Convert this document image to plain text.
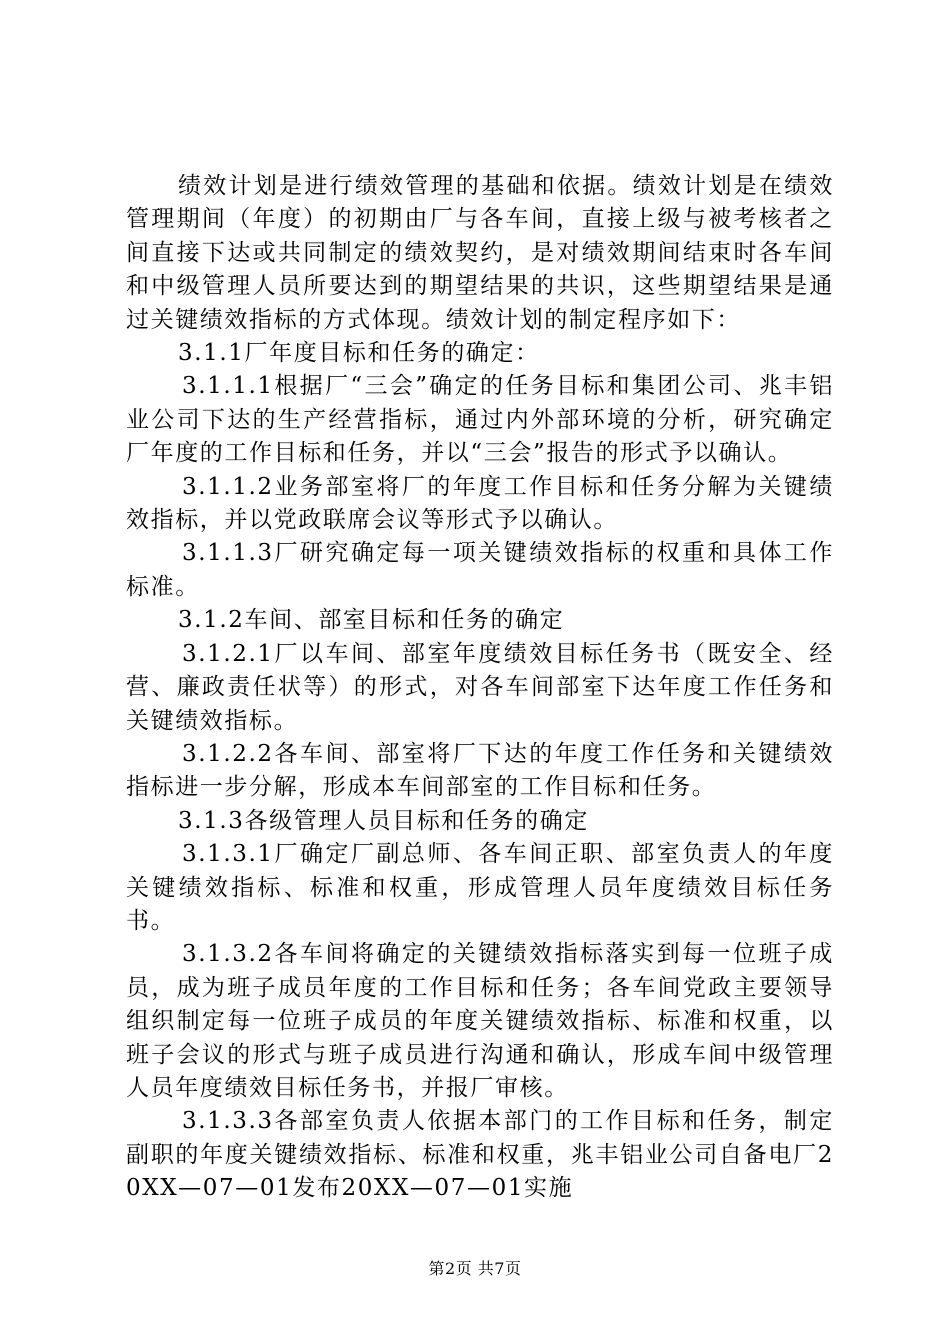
绩效计划是进行绩效管理的基础和依据。绩效计划是在绩效管理期间（年度）的初期由厂与各车间，直接上级与被考核者之间直接下达或共同制定的绩效契约，是对绩效期间结束时各车间和中级管理人员所要达到的期望结果的共识，这些期望结果是通过关键绩效指标的方式体现。绩效计划的制定程序如下：

3.1.1厂年度目标和任务的确定：

3.1.1.1根据厂“三会”确定的任务目标和集团公司、兆丰铝业公司下达的生产经营指标，通过内外部环境的分析，研究确定厂年度的工作目标和任务，并以“三会”报告的形式予以确认。

3.1.1.2业务部室将厂的年度工作目标和任务分解为关键绩效指标，并以党政联席会议等形式予以确认。

3.1.1.3厂研究确定每一项关键绩效指标的权重和具体工作标准。

3.1.2车间、部室目标和任务的确定

3.1.2.1厂以车间、部室年度绩效目标任务书（既安全、经营、廉政责任状等）的形式，对各车间部室下达年度工作任务和关键绩效指标。

3.1.2.2各车间、部室将厂下达的年度工作任务和关键绩效指标进一步分解，形成本车间部室的工作目标和任务。

3.1.3各级管理人员目标和任务的确定

3.1.3.1厂确定厂副总师、各车间正职、部室负责人的年度关键绩效指标、标准和权重，形成管理人员年度绩效目标任务书。

3.1.3.2各车间将确定的关键绩效指标落实到每一位班子成员，成为班子成员年度的工作目标和任务；各车间党政主要领导组织制定每一位班子成员的年度关键绩效指标、标准和权重，以班子会议的形式与班子成员进行沟通和确认，形成车间中级管理人员年度绩效目标任务书，并报厂审核。

3.1.3.3各部室负责人依据本部门的工作目标和任务，制定副职的年度关键绩效指标、标准和权重，兆丰铝业公司自备电厂20XX—07—01发布20XX—07—01实施

第2页 共7页
